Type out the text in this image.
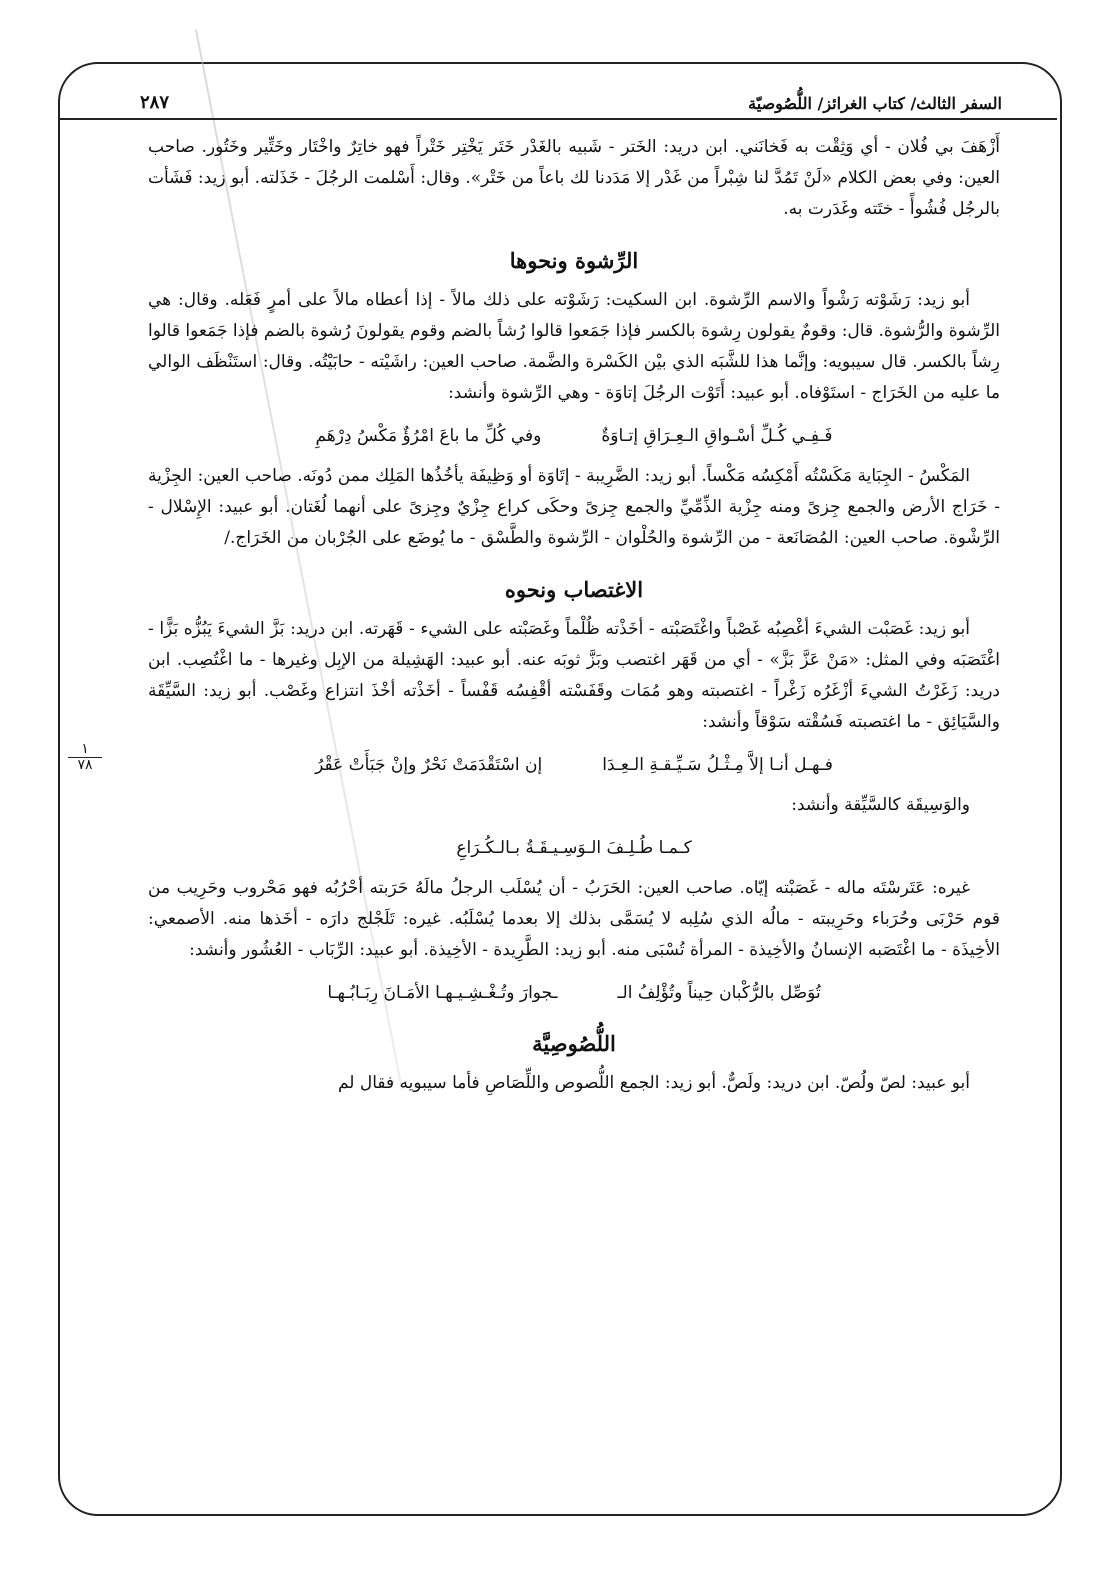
السفر الثالث/ كتاب الغرائز/ اللُّصُوصيّة
٢٨٧
١
٧٨

أَزْهَفَ بي فُلان - أي وَثِقْت به فَخانَني. ابن دريد: الخَتر - شَبيه بالغَدْر خَتَر يَخْتِر خَتْراً فهو خاتِرٌ واخْتَار وخَتِّير وخَتُور. صاحب العين: وفي بعض الكلام «لَنْ تَمُدَّ لنا شِبْراً من غَدْر إلا مَدَدنا لك باعاً من خَتْر». وقال: أَسْلمت الرجُلَ - خَذَلته. أبو زيد: فَشَأت بالرجُل فُشُوأً - ختَته وغَدَرت به.

الرِّشوة ونحوها

أبو زيد: رَشَوْته رَشْواً والاسم الرِّشوة. ابن السكيت: رَشَوْته على ذلك مالاً - إذا أعطاه مالاً على أمرٍ فَعَله. وقال: هي الرِّشوة والرُّشوة. قال: وقومٌ يقولون رِشوة بالكسر فإذا جَمَعوا قالوا رُشاً بالضم وقوم يقولونَ رُشوة بالضم فإذا جَمَعوا قالوا رِشاً بالكسر. قال سيبويه: وإنَّما هذا للشَّبَه الذي بيْن الكَسْرة والضَّمة. صاحب العين: راشَيْته - حابَيْتُه. وقال: استَنْظَف الوالي ما عليه من الخَرَاج - استَوْفاه. أبو عبيد: أَتَوْت الرجُلَ إتاوَة - وهي الرِّشوة وأنشد:

فَـفِـي كُـلِّ أسْـواقِ الـعِـرَاقِ إتـاوَةٌ
وفي كُلِّ ما باعَ امْرُؤٌ مَكْسُ دِرْهَمِ

المَكْسُ - الجِبَاية مَكَسْتُه أَمْكِسُه مَكْساً. أبو زيد: الضَّرِيبة - إتَاوَة أو وَظِيفَة يأخُذُها المَلِك ممن دُونَه. صاحب العين: الجِزْية - خَرَاج الأرض والجمع جِزىً ومنه جِزْية الذِّمِّيِّ والجمع جِزىً وحكَى كراع جِزْيٌ وجِزىً على أنهما لُغَتان. أبو عبيد: الإِسْلال - الرِّشْوة. صاحب العين: المُصَانَعة - من الرِّشوة والحُلْوان - الرِّشوة والطَّسْق - ما يُوضَع على الجُرْبان من الخَرَاج./

الاغتصاب ونحوه

أبو زيد: غَصَبْت الشيءَ أغْصِبُه غَصْباً واغْتَصَبْته - أخَذْته ظُلْماً وغَصَبْته على الشيء - قَهَرته. ابن دريد: بَزَّ الشيءَ يَبُزُّه بَزًّا - اغْتَصَبَه وفي المثل: «مَنْ عَزَّ بَزَّ» - أي من قَهَر اغتصب وبَزَّ ثوبَه عنه. أبو عبيد: الهَشِيلة من الإبِل وغيرها - ما اغْتُصِب. ابن دريد: زَغَرْتُ الشيءَ أزْغَرُه زَغْراً - اغتصبته وهو مُمَات وقَفَسْته أقْفِسُه قَفْساً - أخَذْته أخْذَ انتزاع وغَصْب. أبو زيد: السَّيِّقَة والسَّيَائِق - ما اغتصبته فَسُقْته سَوْقاً وأنشد:

فـهـل أنـا إلاَّ مِـثْـلُ سَـيِّـقـةِ الـعِـدَا
إن اسْتَقْدَمَتْ نَحْرٌ وإنْ جَبَأَتْ عَقْرُ

والوَسِيقَة كالسَّيِّقة وأنشد:

كـمـا طُـلِـفَ الـوَسِـيـقَـةُ بـالـكُـرَاعِ

غيره: عَتَرسْتَه ماله - غَصَبْته إيّاه. صاحب العين: الحَرَبُ - أن يُسْلَب الرجلُ مالَهُ حَرَبته أحْرُبُه فهو مَحْروب وحَرِيب من قوم حَرْبَى وحُرَباء وحَرِيبته - مالُه الذي سُلِبه لا يُسَمَّى بذلك إلا بعدما يُسْلَبُه. غيره: تَلَجْلج دارَه - أخَذها منه. الأصمعي: الأخِيذَة - ما اغْتَصَبه الإنسانُ والأخِيذة - المرأة تُسْبَى منه. أبو زيد: الطَّرِيدة - الأخِيذة. أبو عبيد: الرِّبَاب - العُشُور وأنشد:

تُوَصِّل بالرُّكْبان حِيناً وتُؤْلِفُ الـ
ـجوارَ وتُـغْـشِـيـهـا الأمَـانَ رِبَـابُـهـا
اللُّصُوصِيَّة

أبو عبيد: لصّ ولُصّ. ابن دريد: ولَصٌّ. أبو زيد: الجمع اللُّصوص واللِّصَاصِ فأما سيبويه فقال لم
